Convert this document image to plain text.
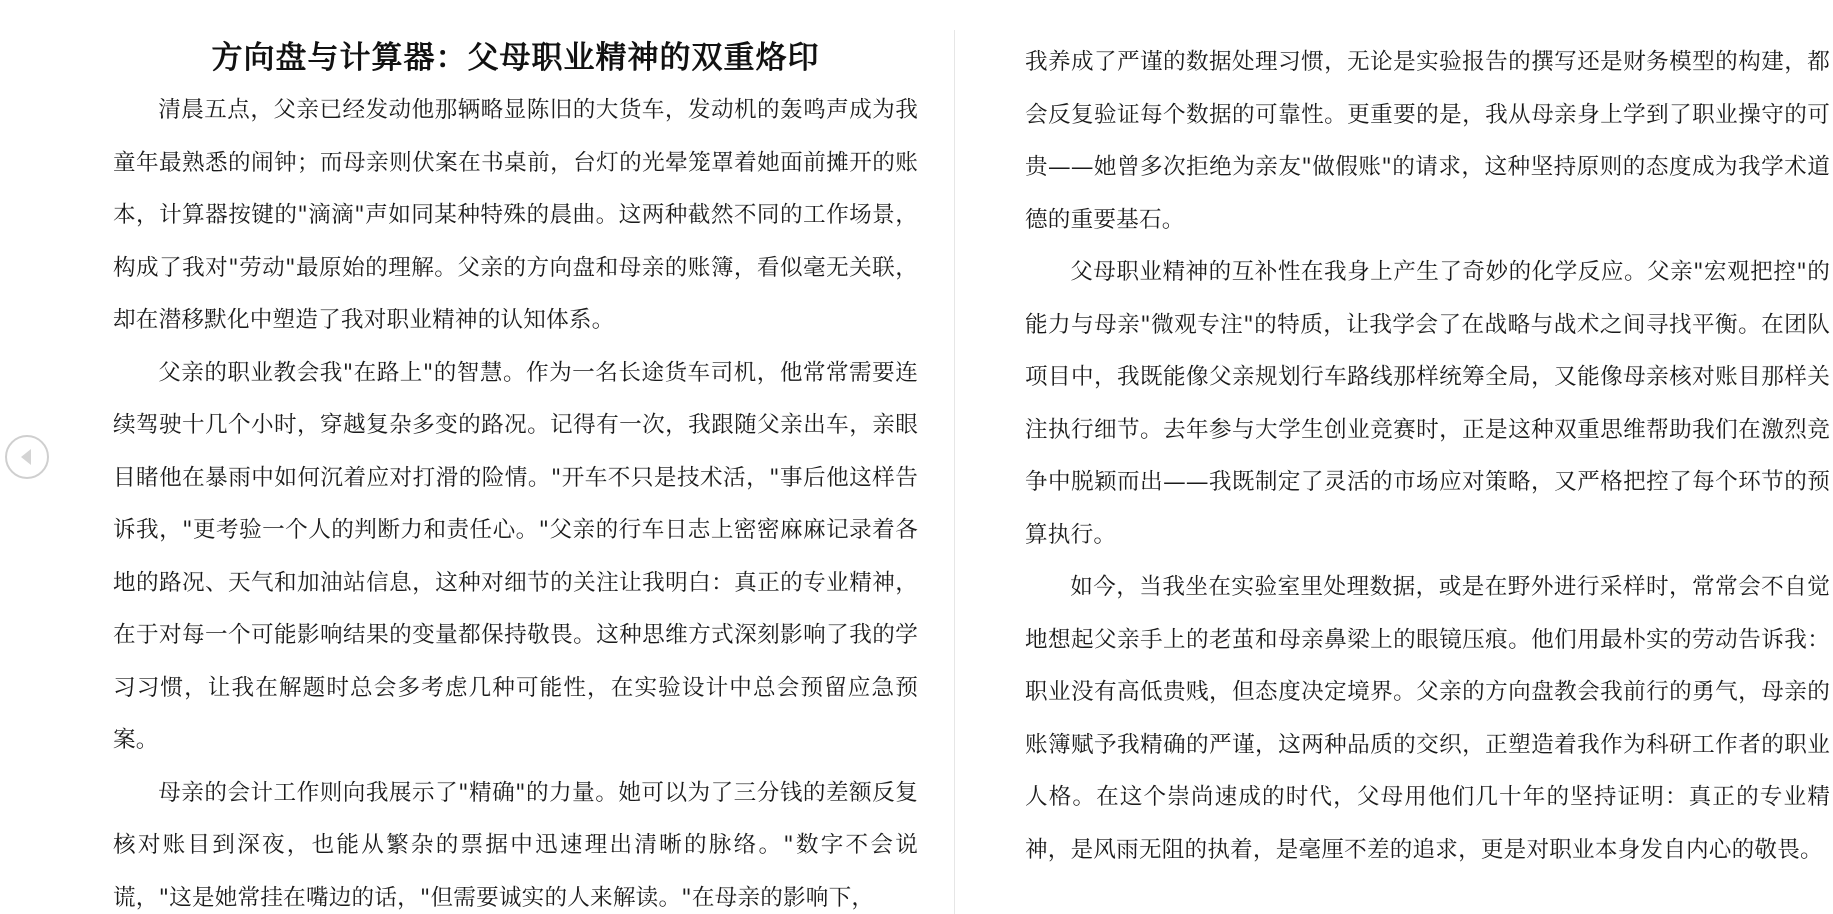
方向盘与计算器：父母职业精神的双重烙印

清晨五点，父亲已经发动他那辆略显陈旧的大货车，发动机的轰鸣声成为我童年最熟悉的闹钟；而母亲则伏案在书桌前，台灯的光晕笼罩着她面前摊开的账本，计算器按键的"滴滴"声如同某种特殊的晨曲。这两种截然不同的工作场景，构成了我对"劳动"最原始的理解。父亲的方向盘和母亲的账簿，看似毫无关联，却在潜移默化中塑造了我对职业精神的认知体系。

父亲的职业教会我"在路上"的智慧。作为一名长途货车司机，他常常需要连续驾驶十几个小时，穿越复杂多变的路况。记得有一次，我跟随父亲出车，亲眼目睹他在暴雨中如何沉着应对打滑的险情。"开车不只是技术活，"事后他这样告诉我，"更考验一个人的判断力和责任心。"父亲的行车日志上密密麻麻记录着各地的路况、天气和加油站信息，这种对细节的关注让我明白：真正的专业精神，在于对每一个可能影响结果的变量都保持敬畏。这种思维方式深刻影响了我的学习习惯，让我在解题时总会多考虑几种可能性，在实验设计中总会预留应急预案。

母亲的会计工作则向我展示了"精确"的力量。她可以为了三分钱的差额反复核对账目到深夜，也能从繁杂的票据中迅速理出清晰的脉络。"数字不会说谎，"这是她常挂在嘴边的话，"但需要诚实的人来解读。"在母亲的影响下，

我养成了严谨的数据处理习惯，无论是实验报告的撰写还是财务模型的构建，都会反复验证每个数据的可靠性。更重要的是，我从母亲身上学到了职业操守的可贵——她曾多次拒绝为亲友"做假账"的请求，这种坚持原则的态度成为我学术道德的重要基石。

父母职业精神的互补性在我身上产生了奇妙的化学反应。父亲"宏观把控"的能力与母亲"微观专注"的特质，让我学会了在战略与战术之间寻找平衡。在团队项目中，我既能像父亲规划行车路线那样统筹全局，又能像母亲核对账目那样关注执行细节。去年参与大学生创业竞赛时，正是这种双重思维帮助我们在激烈竞争中脱颖而出——我既制定了灵活的市场应对策略，又严格把控了每个环节的预算执行。

如今，当我坐在实验室里处理数据，或是在野外进行采样时，常常会不自觉地想起父亲手上的老茧和母亲鼻梁上的眼镜压痕。他们用最朴实的劳动告诉我：职业没有高低贵贱，但态度决定境界。父亲的方向盘教会我前行的勇气，母亲的账簿赋予我精确的严谨，这两种品质的交织，正塑造着我作为科研工作者的职业人格。在这个崇尚速成的时代，父母用他们几十年的坚持证明：真正的专业精神，是风雨无阻的执着，是毫厘不差的追求，更是对职业本身发自内心的敬畏。
